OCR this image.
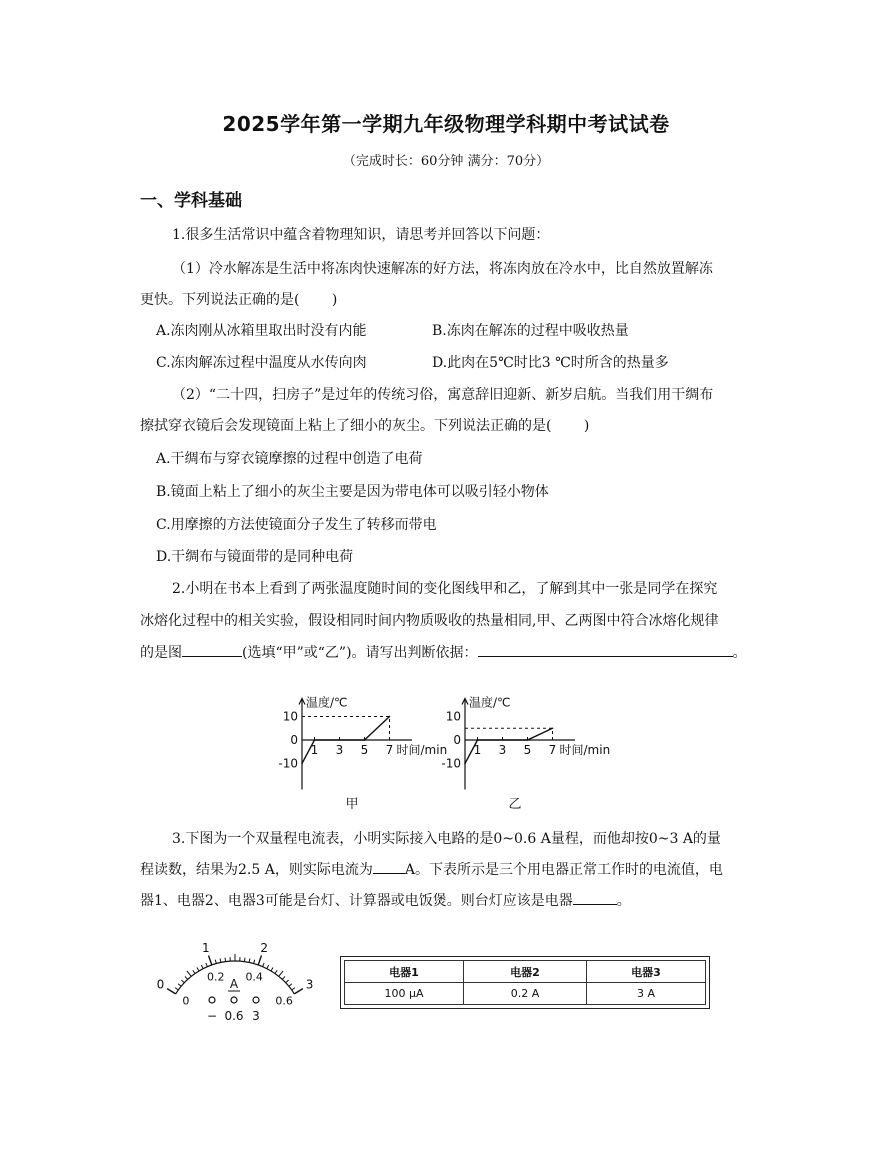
2025学年第一学期九年级物理学科期中考试试卷
（完成时长：60分钟 满分：70分）
一、学科基础
1.很多生活常识中蕴含着物理知识，请思考并回答以下问题：
（1）冷水解冻是生活中将冻肉快速解冻的好方法，将冻肉放在冷水中，比自然放置解冻
更快。下列说法正确的是(　　 )
A.冻肉刚从冰箱里取出时没有内能	B.冻肉在解冻的过程中吸收热量
C.冻肉解冻过程中温度从水传向肉	D.此肉在5℃时比3 ℃时所含的热量多
（2）“二十四，扫房子”是过年的传统习俗，寓意辞旧迎新、新岁启航。当我们用干绸布
擦拭穿衣镜后会发现镜面上粘上了细小的灰尘。下列说法正确的是(　　 )
A.干绸布与穿衣镜摩擦的过程中创造了电荷
B.镜面上粘上了细小的灰尘主要是因为带电体可以吸引轻小物体
C.用摩擦的方法使镜面分子发生了转移而带电
D.干绸布与镜面带的是同种电荷
2.小明在书本上看到了两张温度随时间的变化图线甲和乙，了解到其中一张是同学在探究
冰熔化过程中的相关实验，假设相同时间内物质吸收的热量相同,甲、乙两图中符合冰熔化规律
的是图	(选填“甲”或“乙”)。请写出判断依据：	。
温度/℃
时间/min
1 3 5 7
10
0
-10
甲
温度/℃
时间/min
1 3 5 7
10
0
-10
乙
3.下图为一个双量程电流表，小明实际接入电路的是0~0.6 A量程，而他却按0~3 A的量
程读数，结果为2.5 A，则实际电流为 A。下表所示是三个用电器正常工作时的电流值，电
器1、电器2、电器3可能是台灯、计算器或电饭煲。则台灯应该是电器	。
0
1	2
3
0
0.2 0.4
0.6
A
− 0.6 3
电器1	电器2	电器3
100 μA	0.2 A	3 A
